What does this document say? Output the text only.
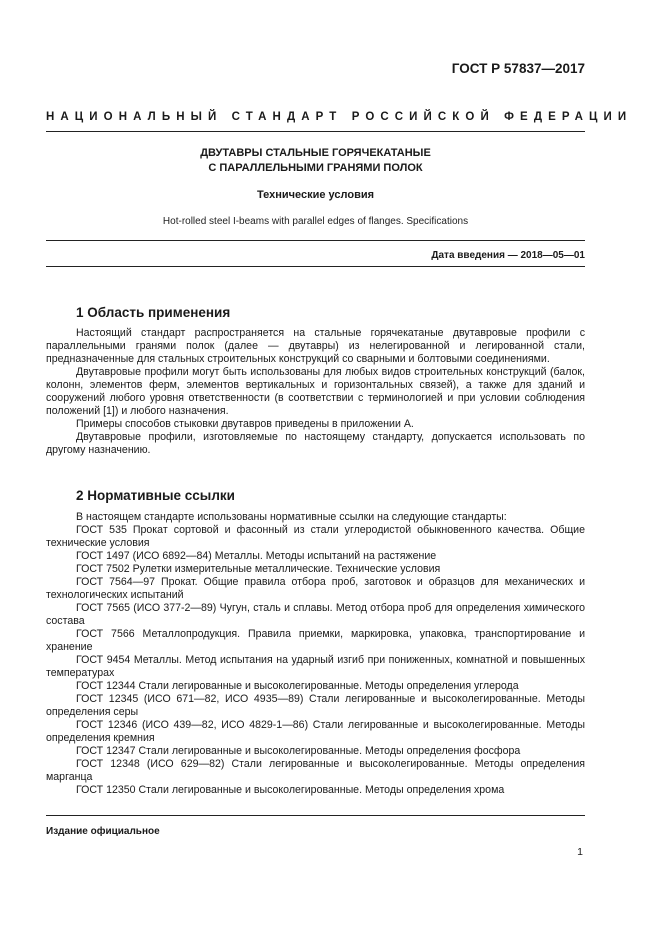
ГОСТ Р 57837—2017
НАЦИОНАЛЬНЫЙ СТАНДАРТ РОССИЙСКОЙ ФЕДЕРАЦИИ
ДВУТАВРЫ СТАЛЬНЫЕ ГОРЯЧЕКАТАНЫЕ
С ПАРАЛЛЕЛЬНЫМИ ГРАНЯМИ ПОЛОК
Технические условия
Hot-rolled steel I-beams with parallel edges of flanges. Specifications
Дата введения — 2018—05—01
1 Область применения

Настоящий стандарт распространяется на стальные горячекатаные двутавровые профили с параллельными гранями полок (далее — двутавры) из нелегированной и легированной стали, предназначенные для стальных строительных конструкций со сварными и болтовыми соединениями.

Двутавровые профили могут быть использованы для любых видов строительных конструкций (балок, колонн, элементов ферм, элементов вертикальных и горизонтальных связей), а также для зданий и сооружений любого уровня ответственности (в соответствии с терминологией и при условии соблюдения положений [1]) и любого назначения.

Примеры способов стыковки двутавров приведены в приложении А.

Двутавровые профили, изготовляемые по настоящему стандарту, допускается использовать по другому назначению.

2 Нормативные ссылки

В настоящем стандарте использованы нормативные ссылки на следующие стандарты:

ГОСТ 535 Прокат сортовой и фасонный из стали углеродистой обыкновенного качества. Общие технические условия

ГОСТ 1497 (ИСО 6892—84) Металлы. Методы испытаний на растяжение

ГОСТ 7502 Рулетки измерительные металлические. Технические условия

ГОСТ 7564—97 Прокат. Общие правила отбора проб, заготовок и образцов для механических и технологических испытаний

ГОСТ 7565 (ИСО 377-2—89) Чугун, сталь и сплавы. Метод отбора проб для определения химического состава

ГОСТ 7566 Металлопродукция. Правила приемки, маркировка, упаковка, транспортирование и хранение

ГОСТ 9454 Металлы. Метод испытания на ударный изгиб при пониженных, комнатной и повышенных температурах

ГОСТ 12344 Стали легированные и высоколегированные. Методы определения углерода

ГОСТ 12345 (ИСО 671—82, ИСО 4935—89) Стали легированные и высоколегированные. Методы определения серы

ГОСТ 12346 (ИСО 439—82, ИСО 4829-1—86) Стали легированные и высоколегированные. Методы определения кремния

ГОСТ 12347 Стали легированные и высоколегированные. Методы определения фосфора

ГОСТ 12348 (ИСО 629—82) Стали легированные и высоколегированные. Методы определения марганца

ГОСТ 12350 Стали легированные и высоколегированные. Методы определения хрома

Издание официальное
1
